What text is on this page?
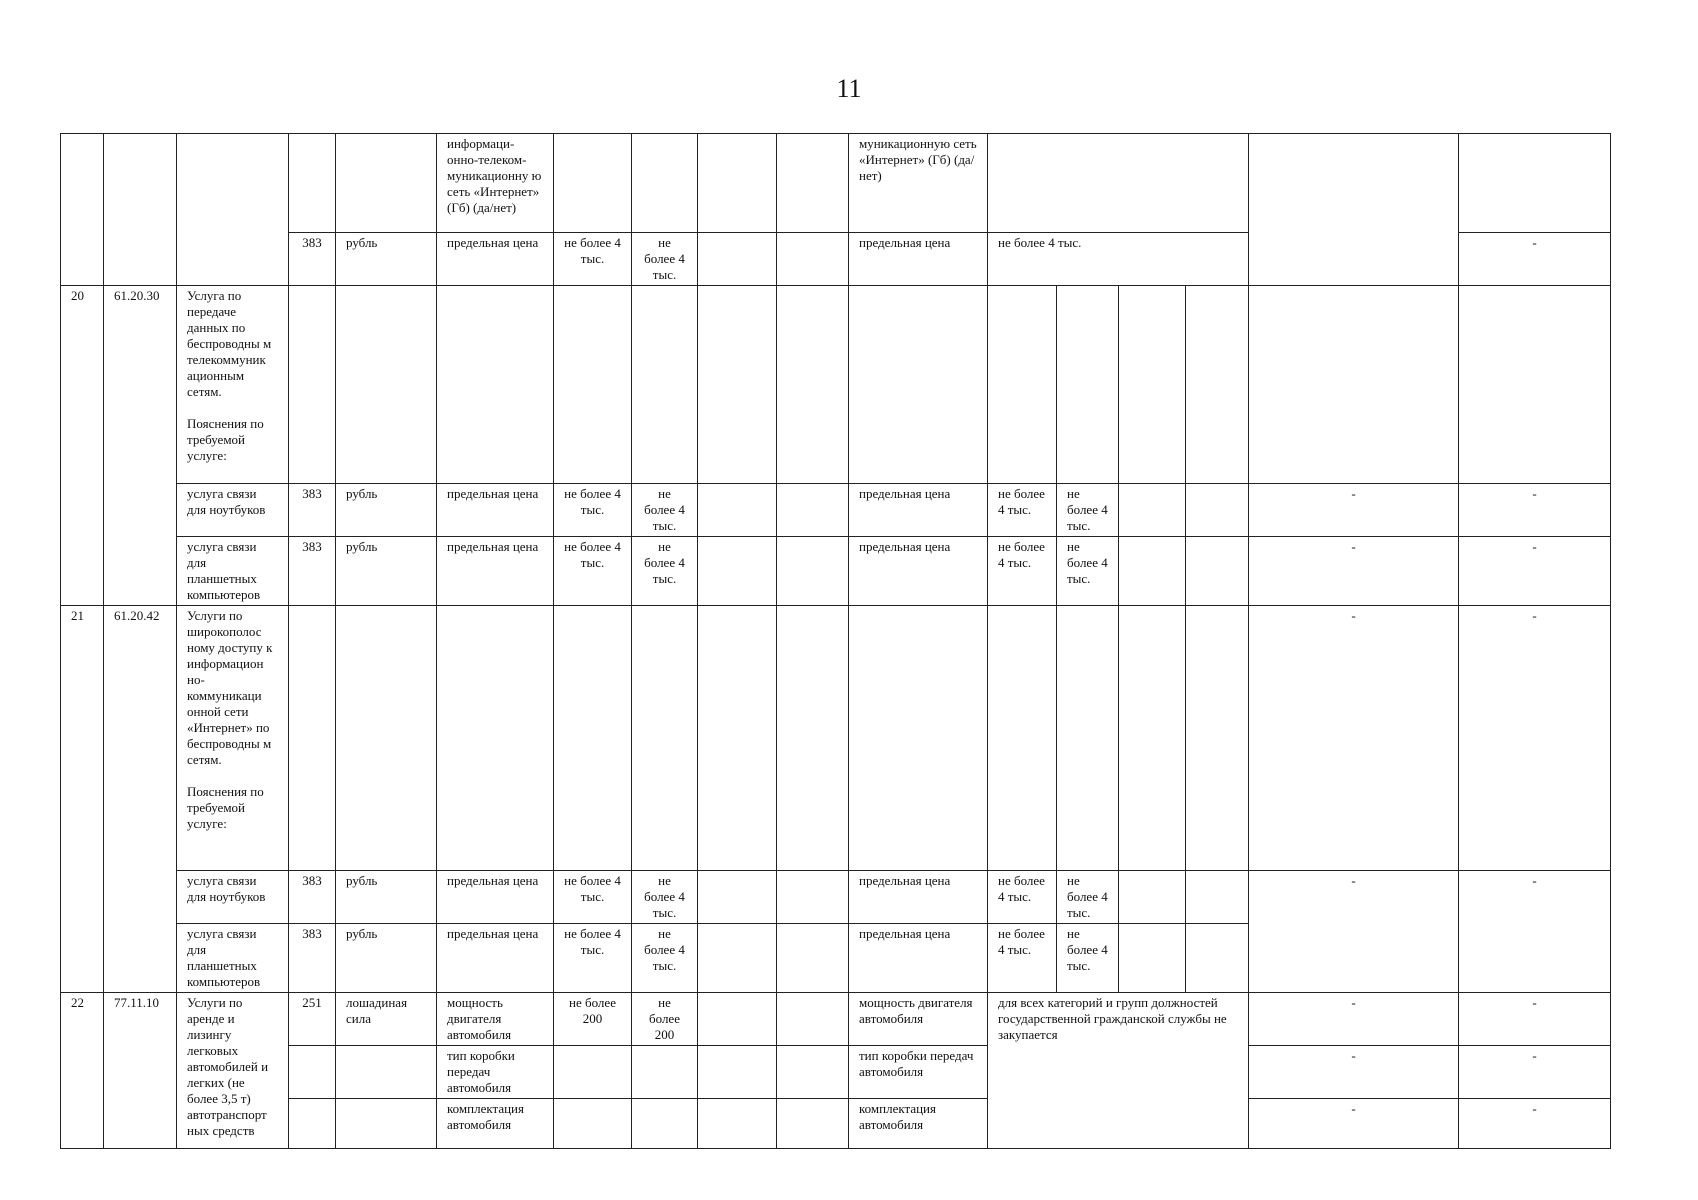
11
					информаци-онно-телеком-муникационну ю сеть «Интернет» (Гб) (да/нет)					муникационную сеть «Интернет» (Гб) (да/нет)						
			383	рубль	предельная цена	не более 4 тыс.	не более 4 тыс.			предельная цена	не более 4 тыс.					-
20	61.20.30	Услуга по передаче данных по беспроводны м телекоммуник ационным сетям.

Пояснения по требуемой услуге:														
		услуга связи для ноутбуков	383	рубль	предельная цена	не более 4 тыс.	не более 4 тыс.			предельная цена	не более 4 тыс.	не более 4 тыс.			-	-
		услуга связи для планшетных компьютеров	383	рубль	предельная цена	не более 4 тыс.	не более 4 тыс.			предельная цена	не более 4 тыс.	не более 4 тыс.			-	-
21	61.20.42	Услуги по широкополос ному доступу к информацион но-коммуникаци онной сети «Интернет» по беспроводны м сетям.

Пояснения по требуемой услуге:													-	-
		услуга связи для ноутбуков	383	рубль	предельная цена	не более 4 тыс.	не более 4 тыс.			предельная цена	не более 4 тыс.	не более 4 тыс.			-	-
		услуга связи для планшетных компьютеров	383	рубль	предельная цена	не более 4 тыс.	не более 4 тыс.			предельная цена	не более 4 тыс.	не более 4 тыс.				
22	77.11.10	Услуги по аренде и лизингу легковых автомобилей и легких (не более 3,5 т) автотранспорт ных средств	251	лошадиная сила	мощность двигателя автомобиля	не более 200	не более 200			мощность двигателя автомобиля	для всех категорий и групп должностей государственной гражданской службы не закупается				-	-
					тип коробки передач автомобиля					тип коробки передач автомобиля					-	-
					комплектация автомобиля					комплектация автомобиля					-	-
